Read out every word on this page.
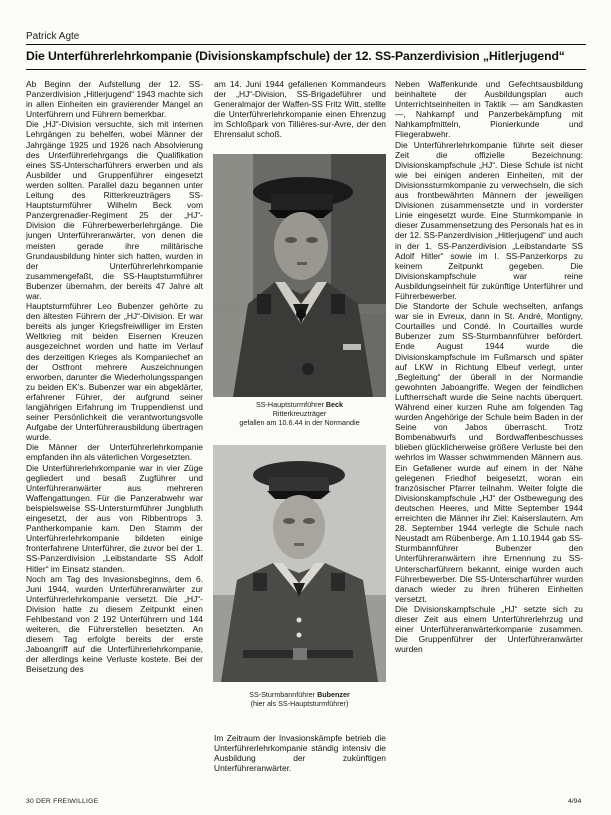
Patrick Agte
Die Unterführerlehrkompanie (Divisionskampfschule) der 12. SS-Panzerdivision „Hitlerjugend“

Ab Beginn der Aufstellung der 12. SS-Panzerdivision „Hitlerjugend“ 1943 machte sich in allen Einheiten ein gravierender Mangel an Unterführern und Führern bemerkbar.

Die „HJ“-Division versuchte, sich mit internen Lehrgängen zu behelfen, wobei Männer der Jahrgänge 1925 und 1926 nach Absolvierung des Unterführerlehrgangs die Qualifikation eines SS-Unterscharführers erwerben und als Ausbilder und Gruppenführer eingesetzt werden sollten. Parallel dazu begannen unter Leitung des Ritterkreuzträgers SS-Hauptsturmführer Wilhelm Beck vom Panzergrenadier-Regiment 25 der „HJ“-Division die Führerbewerberlehrgänge. Die jungen Unterführeranwärter, von denen die meisten gerade ihre militärische Grundausbildung hinter sich hatten, wurden in der Unterführerlehrkompanie zusammengefaßt, die SS-Hauptsturmführer Bubenzer übernahm, der bereits 47 Jahre alt war.

Hauptsturmführer Leo Bubenzer gehörte zu den ältesten Führern der „HJ“-Division. Er war bereits als junger Kriegsfreiwilliger im Ersten Weltkrieg mit beiden Eisernen Kreuzen ausgezeichnet worden und hatte im Verlauf des derzeitigen Krieges als Kompaniechef an der Ostfront mehrere Auszeichnungen erworben, darunter die Wiederholungsspangen zu beiden EK's. Bubenzer war ein abgeklärter, erfahrener Führer, der aufgrund seiner langjährigen Erfahrung im Truppendienst und seiner Persönlichkeit die verantwortungsvolle Aufgabe der Unterführerausbildung übertragen wurde.

Die Männer der Unterführerlehrkompanie empfanden ihn als väterlichen Vorgesetzten.

Die Unterführerlehrkompanie war in vier Züge gegliedert und besaß Zugführer und Unterführeranwärter aus mehreren Waffengattungen. Für die Panzerabwehr war beispielsweise SS-Untersturmführer Jungbluth eingesetzt, der aus von Ribbentrops 3. Pantherkompanie kam. Den Stamm der Unterführerlehrkompanie bildeten einige fronterfahrene Unterführer, die zuvor bei der 1. SS-Panzerdivision „Leibstandarte SS Adolf Hitler“ im Einsatz standen.

Noch am Tag des Invasionsbeginns, dem 6. Juni 1944, wurden Unterführeranwärter zur Unterführerlehrkompanie versetzt. Die „HJ“-Division hatte zu diesem Zeitpunkt einen Fehlbestand von 2 192 Unterführern und 144 weiteren, die Führerstellen besetzten. An diesem Tag erfolgte bereits der erste Jaboangriff auf die Unterführerlehrkompanie, der allerdings keine Verluste kostete. Bei der Beisetzung des

am 14. Juni 1944 gefallenen Kommandeurs der „HJ“-Division, SS-Brigadeführer und Generalmajor der Waffen-SS Fritz Witt, stellte die Unterführerlehrkompanie einen Ehrenzug im Schloßpark von Tillières-sur-Avre, der den Ehrensalut schoß.

SS-Hauptsturmführer Beck
Ritterkreuzträger
gefallen am 10.6.44 in der Normandie
SS-Sturmbannführer Bubenzer
(hier als SS-Hauptsturmführer)

Im Zeitraum der Invasionskämpfe betrieb die Unterführerlehrkompanie ständig intensiv die Ausbildung der zukünftigen Unterführeranwärter.

Neben Waffenkunde und Gefechtsausbildung beinhaltete der Ausbildungsplan auch Unterrichtseinheiten in Taktik — am Sandkasten —, Nahkampf und Panzerbekämpfung mit Nahkampfmitteln, Pionierkunde und Fliegerabwehr.

Die Unterführerlehrkompanie führte seit dieser Zeit die offizielle Bezeichnung: Divisionskampfschule „HJ“. Diese Schule ist nicht wie bei einigen anderen Einheiten, mit der Divisionssturmkompanie zu verwechseln, die sich aus frontbewährten Männern der jeweiligen Divisionen zusammensetzte und in vorderster Linie eingesetzt wurde. Eine Sturmkompanie in dieser Zusammensetzung des Personals hat es in der 12. SS-Panzerdivision „Hitlerjugend“ und auch in der 1. SS-Panzerdivision „Leibstandarte SS Adolf Hitler“ sowie im I. SS-Panzerkorps zu keinem Zeitpunkt gegeben. Die Divisionskampfschule war reine Ausbildungseinheit für zukünftige Unterführer und Führerbewerber.

Die Standorte der Schule wechselten, anfangs war sie in Evreux, dann in St. André, Montigny, Courtailles und Condé. In Courtailles wurde Bubenzer zum SS-Sturmbannführer befördert. Ende August 1944 wurde die Divisionskampfschule im Fußmarsch und später auf LKW in Richtung Elbeuf verlegt, unter „Begleitung“ der überall in der Normandie gewohnten Jaboangriffe. Wegen der feindlichen Luftherrschaft wurde die Seine nachts überquert. Während einer kurzen Ruhe am folgenden Tag wurden Angehörige der Schule beim Baden in der Seine von Jabos überrascht. Trotz Bombenabwurfs und Bordwaffenbeschusses blieben glücklicherweise größere Verluste bei den wehrlos im Wasser schwimmenden Männern aus. Ein Gefallener wurde auf einem in der Nähe gelegenen Friedhof beigesetzt, woran ein französischer Pfarrer teilnahm. Weiter folgte die Divisionskampfschule „HJ“ der Ostbewegung des deutschen Heeres, und Mitte September 1944 erreichten die Männer ihr Ziel: Kaiserslautern. Am 28. September 1944 verlegte die Schule nach Neustadt am Rübenberge. Am 1.10.1944 gab SS-Sturmbannführer Bubenzer den Unterführeranwärtern ihre Ernennung zu SS-Unterscharführern bekannt, einige wurden auch Führerbewerber. Die SS-Unterscharführer wurden danach wieder zu ihren früheren Einheiten versetzt.

Die Divisionskampfschule „HJ“ setzte sich zu dieser Zeit aus einem Unterführerlehrzug und einer Unterführeranwärterkompanie zusammen. Die Gruppenführer der Unterführeranwärter wurden

30 DER FREIWILLIGE	4/94
